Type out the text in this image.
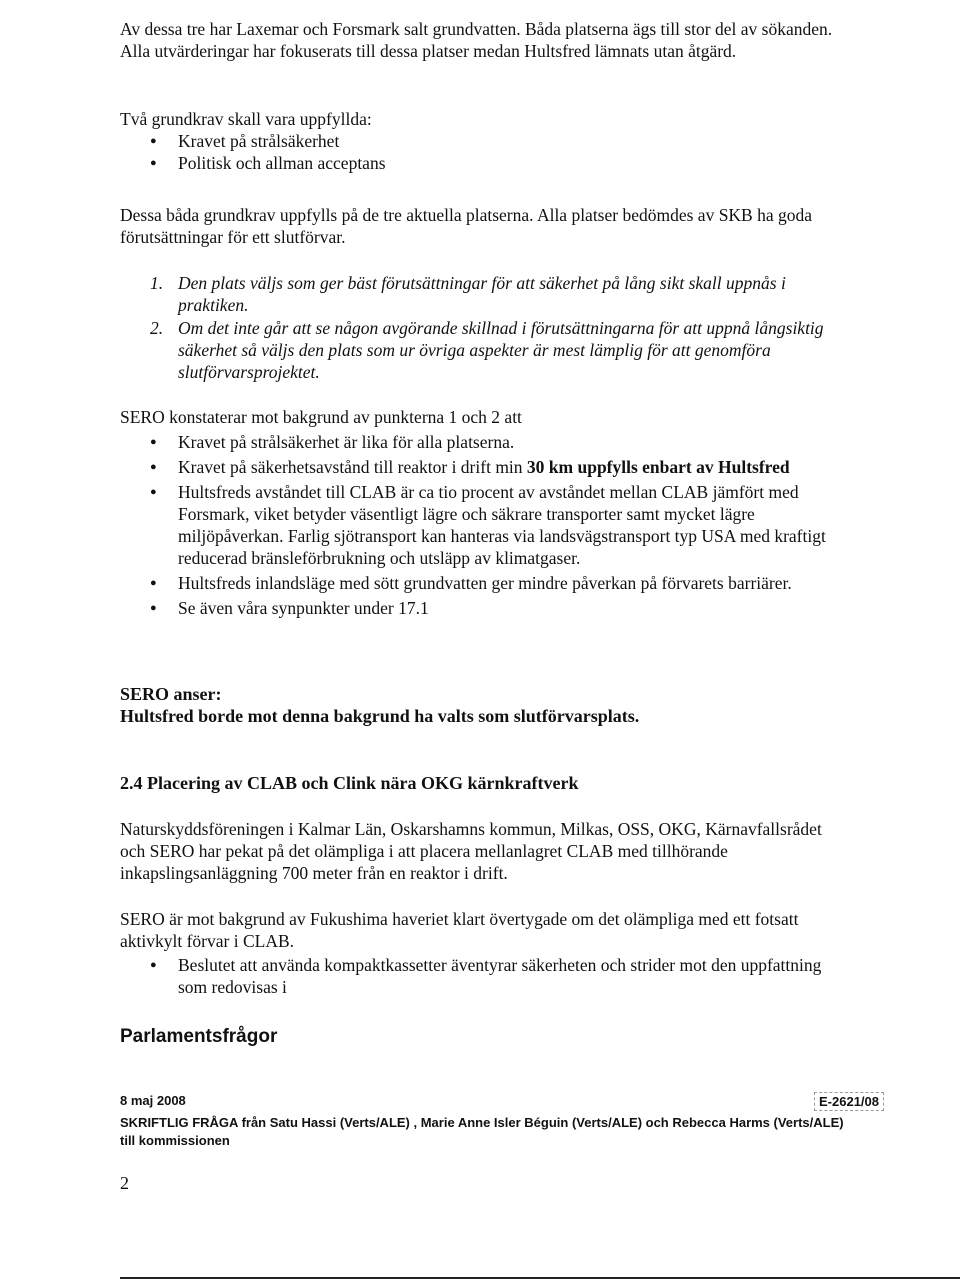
Av dessa tre har Laxemar och Forsmark salt grundvatten. Båda platserna ägs till stor del av sökanden. Alla utvärderingar har fokuserats till dessa platser medan Hultsfred lämnats utan åtgärd.

Två grundkrav skall vara uppfyllda:
● Kravet på strålsäkerhet
● Politisk och allman acceptans

Dessa båda grundkrav uppfylls på de tre aktuella platserna. Alla platser bedömdes av SKB ha goda förutsättningar för ett slutförvar.

1. Den plats väljs som ger bäst förutsättningar för att säkerhet på lång sikt skall uppnås i praktiken.
2. Om det inte går att se någon avgörande skillnad i förutsättningarna för att uppnå långsiktig säkerhet så väljs den plats som ur övriga aspekter är mest lämplig för att genomföra slutförvarsprojektet.
SERO konstaterar mot bakgrund av punkterna 1 och 2 att
● Kravet på strålsäkerhet är lika för alla platserna.
● Kravet på säkerhetsavstånd till reaktor i drift min 30 km uppfylls enbart av Hultsfred
● Hultsfreds avståndet till CLAB är ca tio procent av avståndet mellan CLAB jämfört med Forsmark, viket betyder väsentligt lägre och säkrare transporter samt mycket lägre miljöpåverkan. Farlig sjötransport kan hanteras via landsvägstransport typ USA med kraftigt reducerad bränsleförbrukning och utsläpp av klimatgaser.
● Hultsfreds inlandsläge med sött grundvatten ger mindre påverkan på förvarets barriärer.
● Se även våra synpunkter under 17.1
SERO anser:
Hultsfred borde mot denna bakgrund ha valts som slutförvarsplats.
2.4 Placering av CLAB och Clink nära OKG kärnkraftverk

Naturskyddsföreningen i Kalmar Län, Oskarshamns kommun, Milkas, OSS, OKG, Kärnavfallsrådet och SERO har pekat på det olämpliga i att placera mellanlagret CLAB med tillhörande inkapslingsanläggning 700 meter från en reaktor i drift.

SERO är mot bakgrund av Fukushima haveriet klart övertygade om det olämpliga med ett fotsatt aktivkylt förvar i CLAB.

● Beslutet att använda kompaktkassetter äventyrar säkerheten och strider mot den uppfattning som redovisas i
Parlamentsfrågor
8 maj 2008	E-2621/08
SKRIFTLIG FRÅGA från Satu Hassi (Verts/ALE) , Marie Anne Isler Béguin (Verts/ALE) och Rebecca Harms (Verts/ALE) till kommissionen
2
